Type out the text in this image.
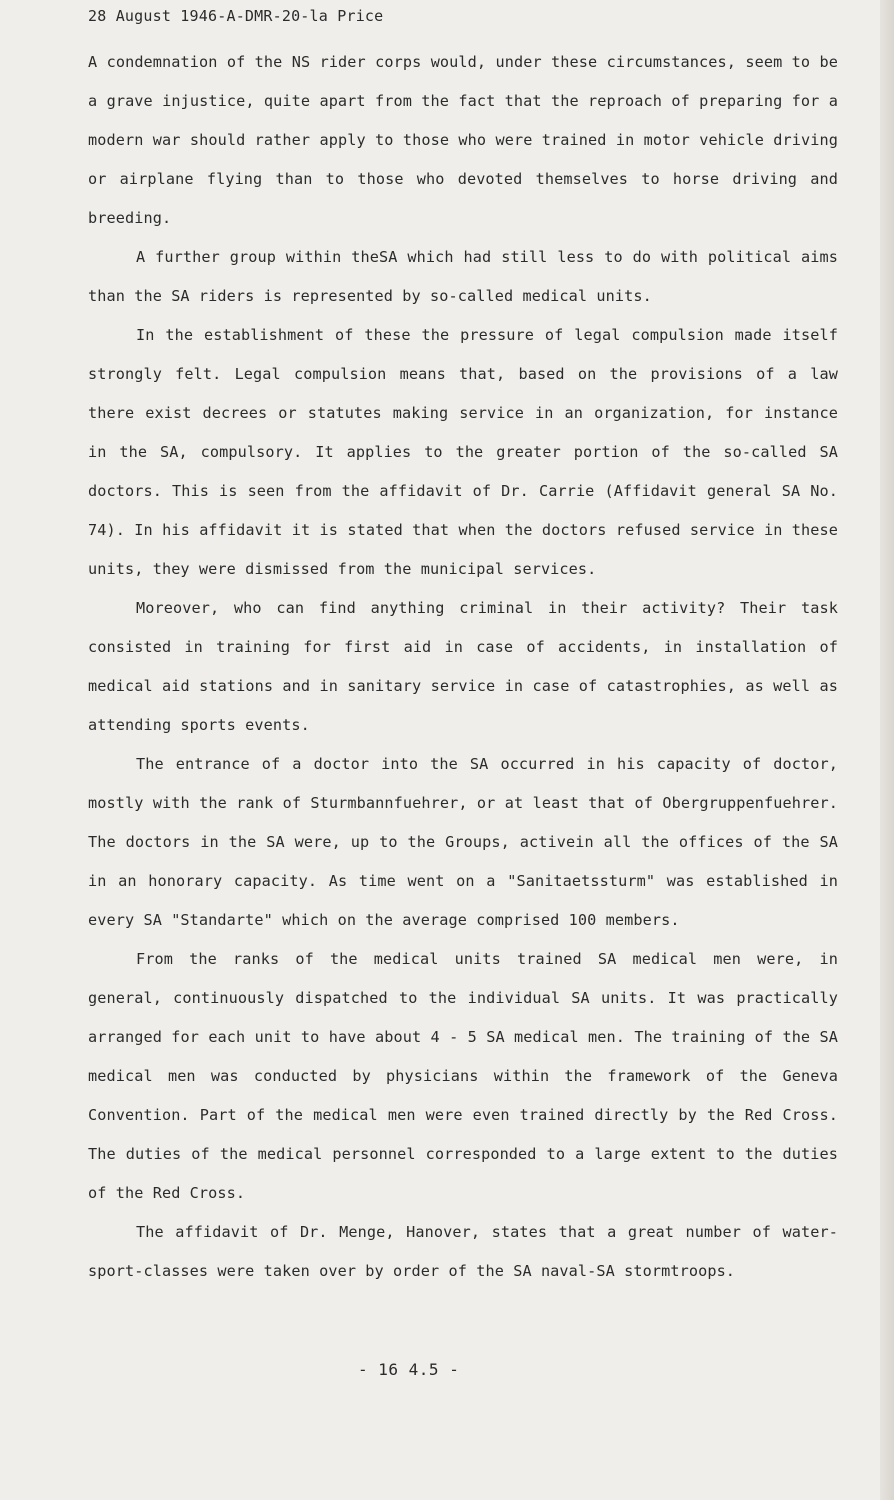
28 August 1946-A-DMR-20-la Price

A condemnation of the NS rider corps would, under these circumstances, seem to be a grave injustice, quite apart from the fact that the reproach of preparing for a modern war should rather apply to those who were trained in motor vehicle driving or airplane flying than to those who devoted themselves to horse driving and breeding.

A further group within theSA which had still less to do with political aims than the SA riders is represented by so-called medical units.

In the establishment of these the pressure of legal compulsion made itself strongly felt. Legal compulsion means that, based on the provisions of a law there exist decrees or statutes making service in an organization, for instance in the SA, compulsory. It applies to the greater portion of the so-called SA doctors. This is seen from the affidavit of Dr. Carrie (Affidavit general SA No. 74). In his affidavit it is stated that when the doctors refused service in these units, they were dismissed from the municipal services.

Moreover, who can find anything criminal in their activity? Their task consisted in training for first aid in case of accidents, in installation of medical aid stations and in sanitary service in case of catastrophies, as well as attending sports events.

The entrance of a doctor into the SA occurred in his capacity of doctor, mostly with the rank of Sturmbannfuehrer, or at least that of Obergruppenfuehrer. The doctors in the SA were, up to the Groups, activein all the offices of the SA in an honorary capacity. As time went on a "Sanitaetssturm" was established in every SA "Standarte" which on the average comprised 100 members.

From the ranks of the medical units trained SA medical men were, in general, continuously dispatched to the individual SA units. It was practically arranged for each unit to have about 4 - 5 SA medical men. The training of the SA medical men was conducted by physicians within the framework of the Geneva Convention. Part of the medical men were even trained directly by the Red Cross. The duties of the medical personnel corresponded to a large extent to the duties of the Red Cross.

The affidavit of Dr. Menge, Hanover, states that a great number of water-sport-classes were taken over by order of the SA naval-SA stormtroops.

- 16 4.5 -
